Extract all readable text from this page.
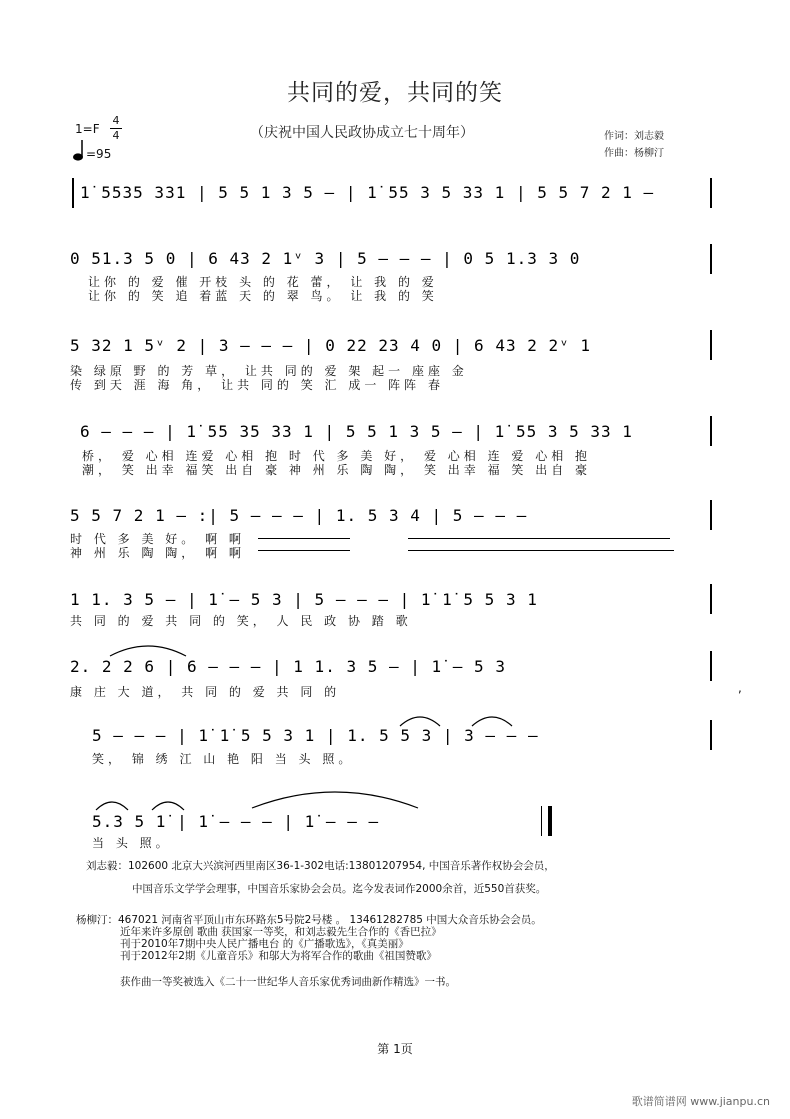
共同的爱，共同的笑
（庆祝中国人民政协成立七十周年）	作词：刘志毅
作曲：杨柳汀
1=F
4
4
=95
1̇ 5535 331 | 5 5 1 3 5 – | 1̇ 55 3 5 33 1 | 5 5 7 2 1 –
0 51.3 5 0 | 6 43 2 1ᵛ 3 | 5 – – – | 0 5 1.3 3 0
让你 的 爱 催 开枝 头 的 花 蕾， 让 我 的 爱
让你 的 笑 追 着蓝 天 的 翠 鸟。 让 我 的 笑
5 32 1 5ᵛ 2 | 3 – – – | 0 22 23 4 0 | 6 43 2 2ᵛ 1
染 绿原 野 的 芳 草， 让共 同的 爱 架 起一 座座 金
传 到天 涯 海 角， 让共 同的 笑 汇 成一 阵阵 春
6 – – – | 1̇ 55 35 33 1 | 5 5 1 3 5 – | 1̇ 55 3 5 33 1
桥， 爱 心相 连爱 心相 抱 时 代 多 美 好， 爱 心相 连 爱 心相 抱
潮， 笑 出幸 福笑 出自 豪 神 州 乐 陶 陶， 笑 出幸 福 笑 出自 豪
5 5 7 2 1 – :| 5 – – – | 1. 5 3 4 | 5 – – –
时 代 多 美 好。 啊 啊
神 州 乐 陶 陶， 啊 啊
1 1. 3 5 – | 1̇ – 5 3 | 5 – – – | 1̇ 1̇ 5 5 3 1
共 同 的 爱 共 同 的 笑， 人 民 政 协 踏 歌
2. 2 2 6 | 6 – – – | 1 1. 3 5 – | 1̇ – 5 3
康 庄 大 道， 共 同 的 爱 共 同 的	,
5 – – – | 1̇ 1̇ 5 5 3 1 | 1. 5 5 3 | 3 – – –
笑， 锦 绣 江 山 艳 阳 当 头 照。
5.3 5 1̇ | 1̇ – – – | 1̇ – – –
当 头 照。
刘志毅：102600 北京大兴滨河西里南区36-1-302电话:13801207954, 中国音乐著作权协会会员，
中国音乐文学学会理事，中国音乐家协会会员。迄今发表词作2000余首，近550首获奖。
杨柳汀：467021 河南省平顶山市东环路东5号院2号楼 。 13461282785 中国大众音乐协会会员。
近年来许多原创 歌曲 获国家一等奖，和刘志毅先生合作的《香巴拉》
刊于2010年7期中央人民广播电台 的《广播歌选》，《真美丽》
刊于2012年2期《儿童音乐》和邬大为将军合作的歌曲《祖国赞歌》
获作曲一等奖被选入《二十一世纪华人音乐家优秀词曲新作精选》一书。
第 1页
歌谱简谱网 www.jianpu.cn
